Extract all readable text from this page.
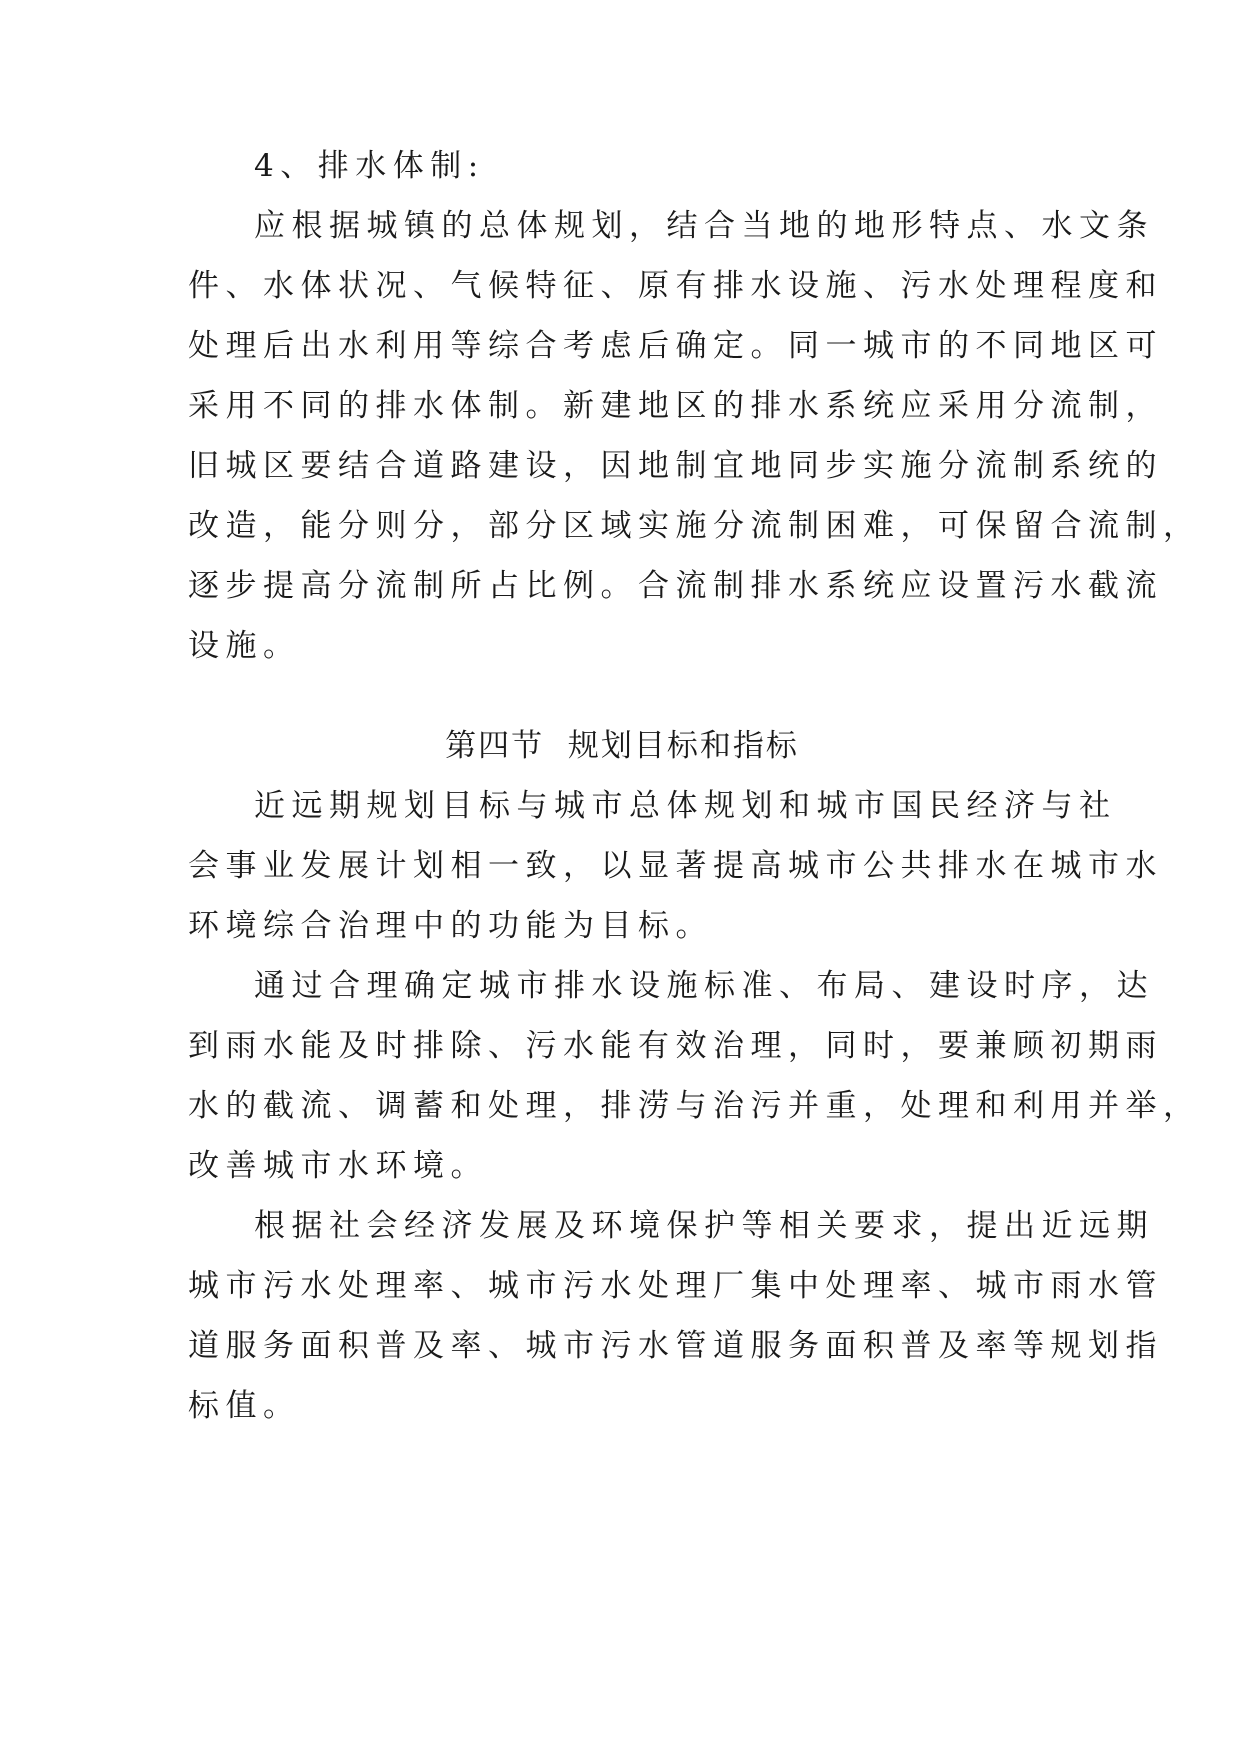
4、排水体制:
应根据城镇的总体规划，结合当地的地形特点、水文条
件、水体状况、气候特征、原有排水设施、污水处理程度和
处理后出水利用等综合考虑后确定。同一城市的不同地区可
采用不同的排水体制。新建地区的排水系统应采用分流制，
旧城区要结合道路建设，因地制宜地同步实施分流制系统的
改造，能分则分，部分区域实施分流制困难，可保留合流制，
逐步提高分流制所占比例。合流制排水系统应设置污水截流
设施。
第四节  规划目标和指标
近远期规划目标与城市总体规划和城市国民经济与社
会事业发展计划相一致，以显著提高城市公共排水在城市水
环境综合治理中的功能为目标。
通过合理确定城市排水设施标准、布局、建设时序，达
到雨水能及时排除、污水能有效治理，同时，要兼顾初期雨
水的截流、调蓄和处理，排涝与治污并重，处理和利用并举，
改善城市水环境。
根据社会经济发展及环境保护等相关要求，提出近远期
城市污水处理率、城市污水处理厂集中处理率、城市雨水管
道服务面积普及率、城市污水管道服务面积普及率等规划指
标值。
